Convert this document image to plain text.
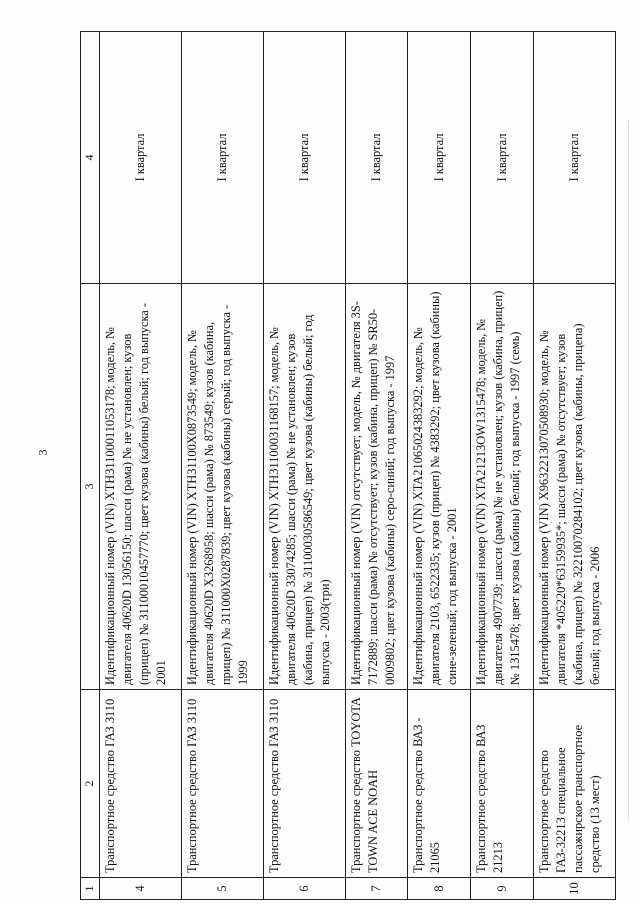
3
1	2	3	4
4	Транспортное средство ГАЗ 3110	Идентификационный номер (VIN) XTH31100011053178; модель, № двигателя 40620D 13056150; шасси (рама) № не установлен; кузов (прицеп) № 31100010457770; цвет кузова (кабины) белый; год выпуска - 2001	I квартал
5	Транспортное средство ГАЗ 3110	Идентификационный номер (VIN) XTH31100X0873549; модель, № двигателя 40620D X3268958; шасси (рама) № 873549; кузов (кабина, прицеп) № 311000X0287839; цвет кузова (кабины) серый; год выпуска - 1999	I квартал
6	Транспортное средство ГАЗ 3110	Идентификационный номер (VIN) XTH31100031168157; модель, № двигателя 40620D 33074285; шасси (рама) № не установлен; кузов (кабина, прицеп) № 31100030586549; цвет кузова (кабины) белый; год выпуска - 2003(три)	I квартал
7	Транспортное средство TOYOTA TOWN ACE NOAH	Идентификационный номер (VIN) отсутствует; модель, № двигателя 3S-7172889; шасси (рама) № отсутствует; кузов (кабина, прицеп) № SR50-0009802; цвет кузова (кабины) серо-синий; год выпуска - 1997	I квартал
8	Транспортное средство ВАЗ - 21065	Идентификационный номер (VIN) XTA21065024383292; модель, № двигателя 2103, 6522335; кузов (прицеп) № 4383292; цвет кузова (кабины) сине-зеленый; год выпуска - 2001	I квартал
9	Транспортное средство ВАЗ 21213	Идентификационный номер (VIN) XTA21213OW1315478; модель, № двигателя 4907739; шасси (рама) № не установлен; кузов (кабина, прицеп) № 1315478; цвет кузова (кабины) белый; год выпуска - 1997 (семь)	I квартал
10	Транспортное средство ГАЗ-32213 специальное пассажирское транспортное средство (13 мест)	Идентификационный номер (VIN) X96322130705089З0; модель, № двигателя *405220*63159935*; шасси (рама) № отсутствует; кузов (кабина, прицеп) № 32210070284102; цвет кузова (кабины, прицепа) белый; год выпуска - 2006	I квартал
